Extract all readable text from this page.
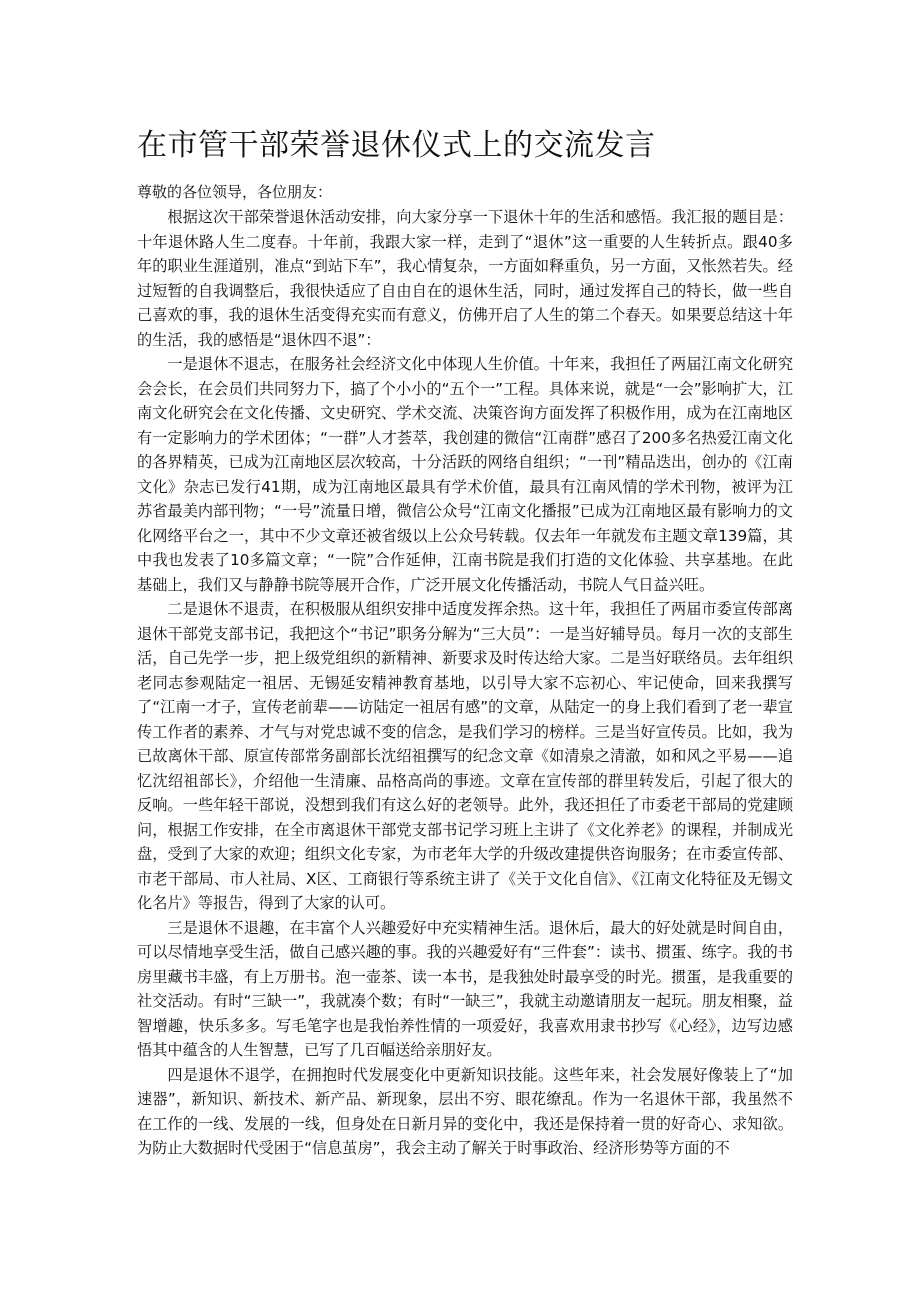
在市管干部荣誉退休仪式上的交流发言
尊敬的各位领导，各位朋友：

根据这次干部荣誉退休活动安排，向大家分享一下退休十年的生活和感悟。我汇报的题目是：十年退休路人生二度春。十年前，我跟大家一样，走到了“退休”这一重要的人生转折点。跟40多年的职业生涯道别，准点“到站下车”，我心情复杂，一方面如释重负，另一方面，又怅然若失。经过短暂的自我调整后，我很快适应了自由自在的退休生活，同时，通过发挥自己的特长，做一些自己喜欢的事，我的退休生活变得充实而有意义，仿佛开启了人生的第二个春天。如果要总结这十年的生活，我的感悟是“退休四不退”：

一是退休不退志，在服务社会经济文化中体现人生价值。十年来，我担任了两届江南文化研究会会长，在会员们共同努力下，搞了个小小的“五个一”工程。具体来说，就是“一会”影响扩大，江南文化研究会在文化传播、文史研究、学术交流、决策咨询方面发挥了积极作用，成为在江南地区有一定影响力的学术团体；“一群”人才荟萃，我创建的微信“江南群”感召了200多名热爱江南文化的各界精英，已成为江南地区层次较高，十分活跃的网络自组织；“一刊”精品迭出，创办的《江南文化》杂志已发行41期，成为江南地区最具有学术价值，最具有江南风情的学术刊物，被评为江苏省最美内部刊物；“一号”流量日增，微信公众号“江南文化播报”已成为江南地区最有影响力的文化网络平台之一，其中不少文章还被省级以上公众号转载。仅去年一年就发布主题文章139篇，其中我也发表了10多篇文章；“一院”合作延伸，江南书院是我们打造的文化体验、共享基地。在此基础上，我们又与静静书院等展开合作，广泛开展文化传播活动，书院人气日益兴旺。

二是退休不退责，在积极服从组织安排中适度发挥余热。这十年，我担任了两届市委宣传部离退休干部党支部书记，我把这个“书记”职务分解为“三大员”：一是当好辅导员。每月一次的支部生活，自己先学一步，把上级党组织的新精神、新要求及时传达给大家。二是当好联络员。去年组织老同志参观陆定一祖居、无锡延安精神教育基地，以引导大家不忘初心、牢记使命，回来我撰写了“江南一才子，宣传老前辈——访陆定一祖居有感”的文章，从陆定一的身上我们看到了老一辈宣传工作者的素养、才气与对党忠诚不变的信念，是我们学习的榜样。三是当好宣传员。比如，我为已故离休干部、原宣传部常务副部长沈绍祖撰写的纪念文章《如清泉之清澈，如和风之平易——追忆沈绍祖部长》，介绍他一生清廉、品格高尚的事迹。文章在宣传部的群里转发后，引起了很大的反响。一些年轻干部说，没想到我们有这么好的老领导。此外，我还担任了市委老干部局的党建顾问，根据工作安排，在全市离退休干部党支部书记学习班上主讲了《文化养老》的课程，并制成光盘，受到了大家的欢迎；组织文化专家，为市老年大学的升级改建提供咨询服务；在市委宣传部、市老干部局、市人社局、X区、工商银行等系统主讲了《关于文化自信》、《江南文化特征及无锡文化名片》等报告，得到了大家的认可。

三是退休不退趣，在丰富个人兴趣爱好中充实精神生活。退休后，最大的好处就是时间自由，可以尽情地享受生活，做自己感兴趣的事。我的兴趣爱好有“三件套”：读书、掼蛋、练字。我的书房里藏书丰盛，有上万册书。泡一壶茶、读一本书，是我独处时最享受的时光。掼蛋，是我重要的社交活动。有时“三缺一”，我就凑个数；有时“一缺三”，我就主动邀请朋友一起玩。朋友相聚，益智增趣，快乐多多。写毛笔字也是我怡养性情的一项爱好，我喜欢用隶书抄写《心经》，边写边感悟其中蕴含的人生智慧，已写了几百幅送给亲朋好友。

四是退休不退学，在拥抱时代发展变化中更新知识技能。这些年来，社会发展好像装上了“加速器”，新知识、新技术、新产品、新现象，层出不穷、眼花缭乱。作为一名退休干部，我虽然不在工作的一线、发展的一线，但身处在日新月异的变化中，我还是保持着一贯的好奇心、求知欲。为防止大数据时代受困于“信息茧房”，我会主动了解关于时事政治、经济形势等方面的不
